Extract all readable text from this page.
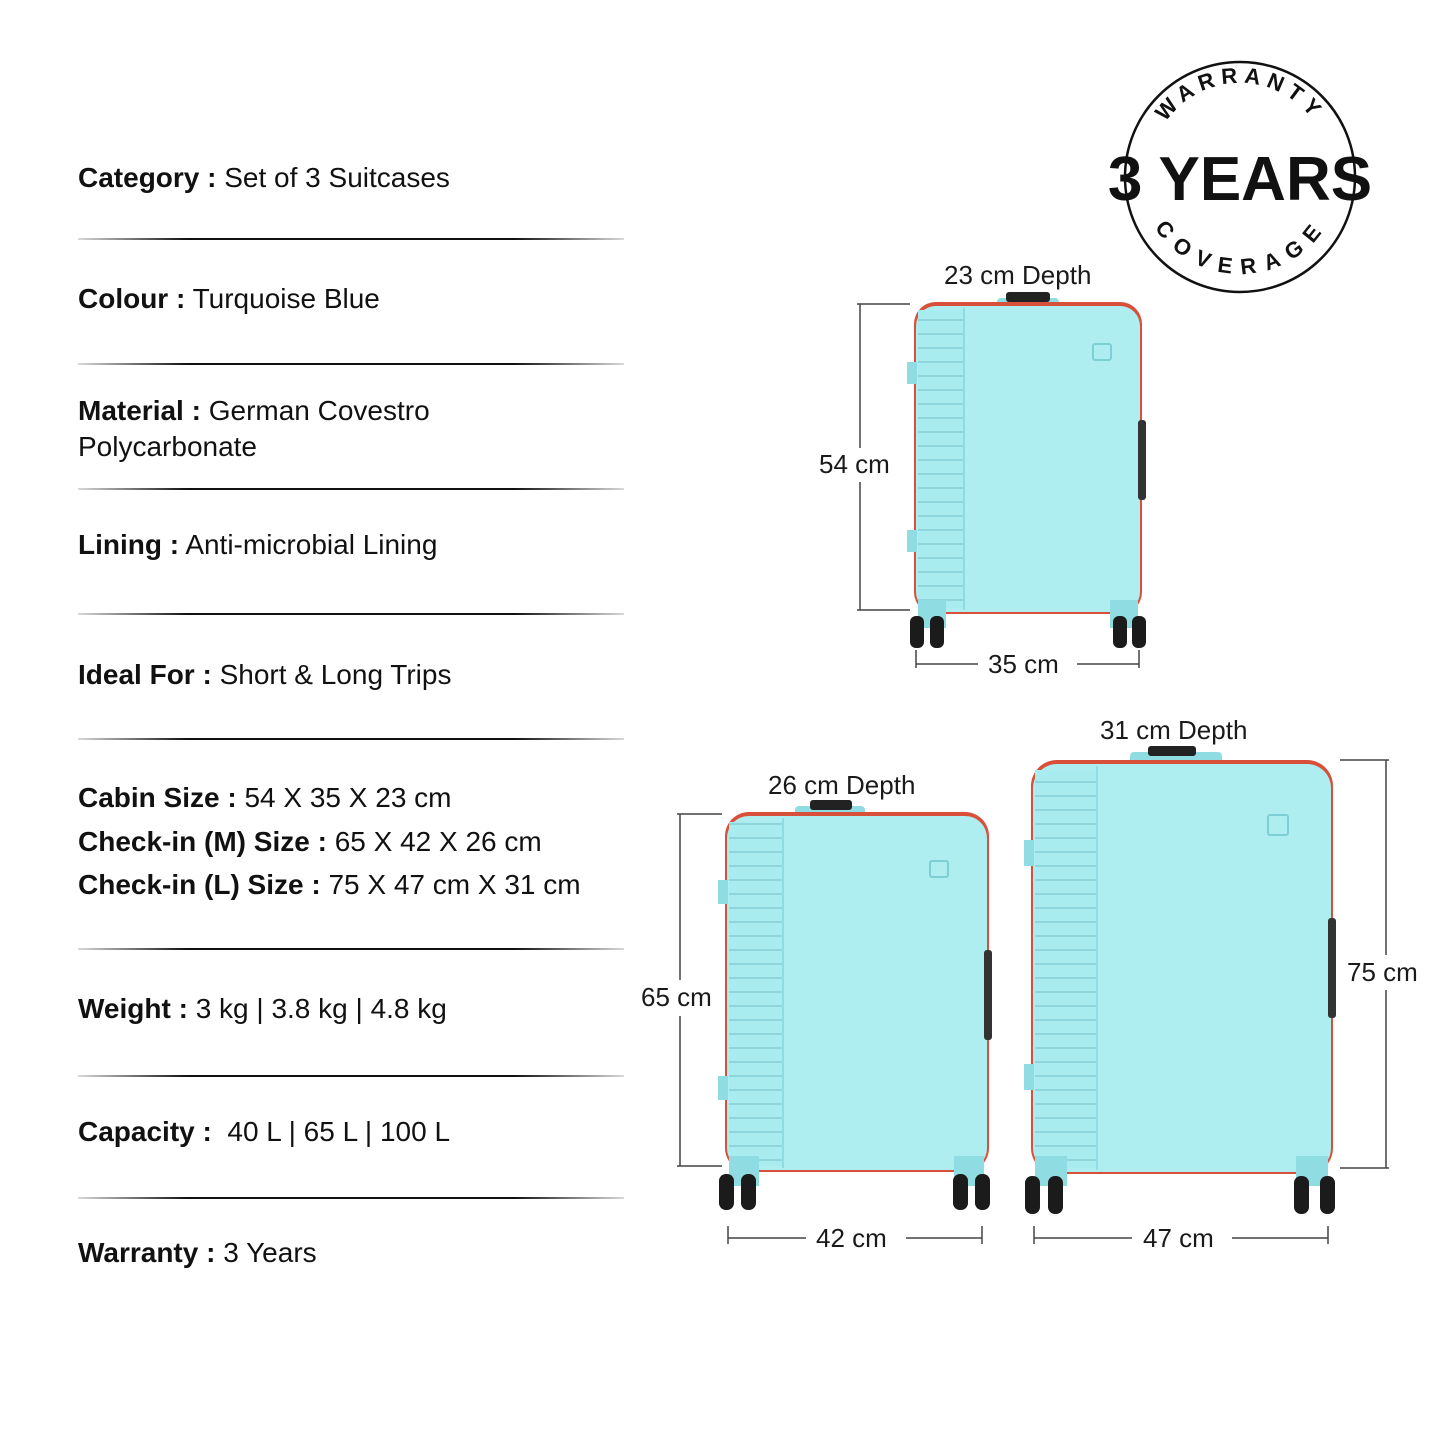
Category : Set of 3 Suitcases
Colour : Turquoise Blue
Material : German Covestro
Polycarbonate
Lining : Anti-microbial Lining
Ideal For : Short & Long Trips
Cabin Size : 54 X 35 X 23 cm
Check-in (M) Size : 65 X 42 X 26 cm
Check-in (L) Size : 75 X 47 cm X 31 cm
Weight : 3 kg | 3.8 kg | 4.8 kg
Capacity :  40 L | 65 L | 100 L
Warranty : 3 Years
WARRANTY
3 YEARS
COVERAGE
23 cm Depth
54 cm
35 cm
26 cm Depth
65 cm
42 cm
31 cm Depth
75 cm
47 cm
